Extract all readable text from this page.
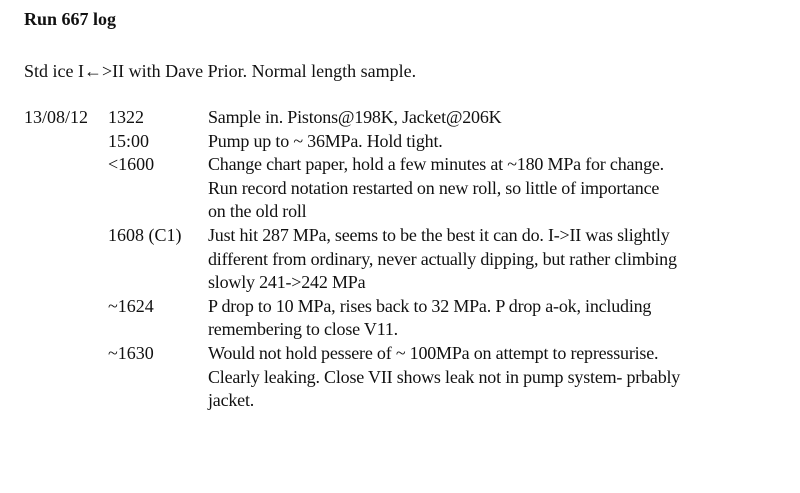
Run 667 log
Std ice I←>II with Dave Prior. Normal length sample.
13/08/12	1322	Sample in. Pistons@198K, Jacket@206K
15:00	Pump up to ~ 36MPa. Hold tight.
<1600	Change chart paper, hold a few minutes at ~180 MPa for change.
Run record notation restarted on new roll, so little of importance
on the old roll
1608 (C1)	Just hit 287 MPa, seems to be the best it can do. I->II was slightly
different from ordinary, never actually dipping, but rather climbing
slowly 241->242 MPa
~1624	P drop to 10 MPa, rises back to 32 MPa. P drop a-ok, including
remembering to close V11.
~1630	Would not hold pessere of ~ 100MPa on attempt to repressurise.
Clearly leaking. Close VII shows leak not in pump system- prbably
jacket.
